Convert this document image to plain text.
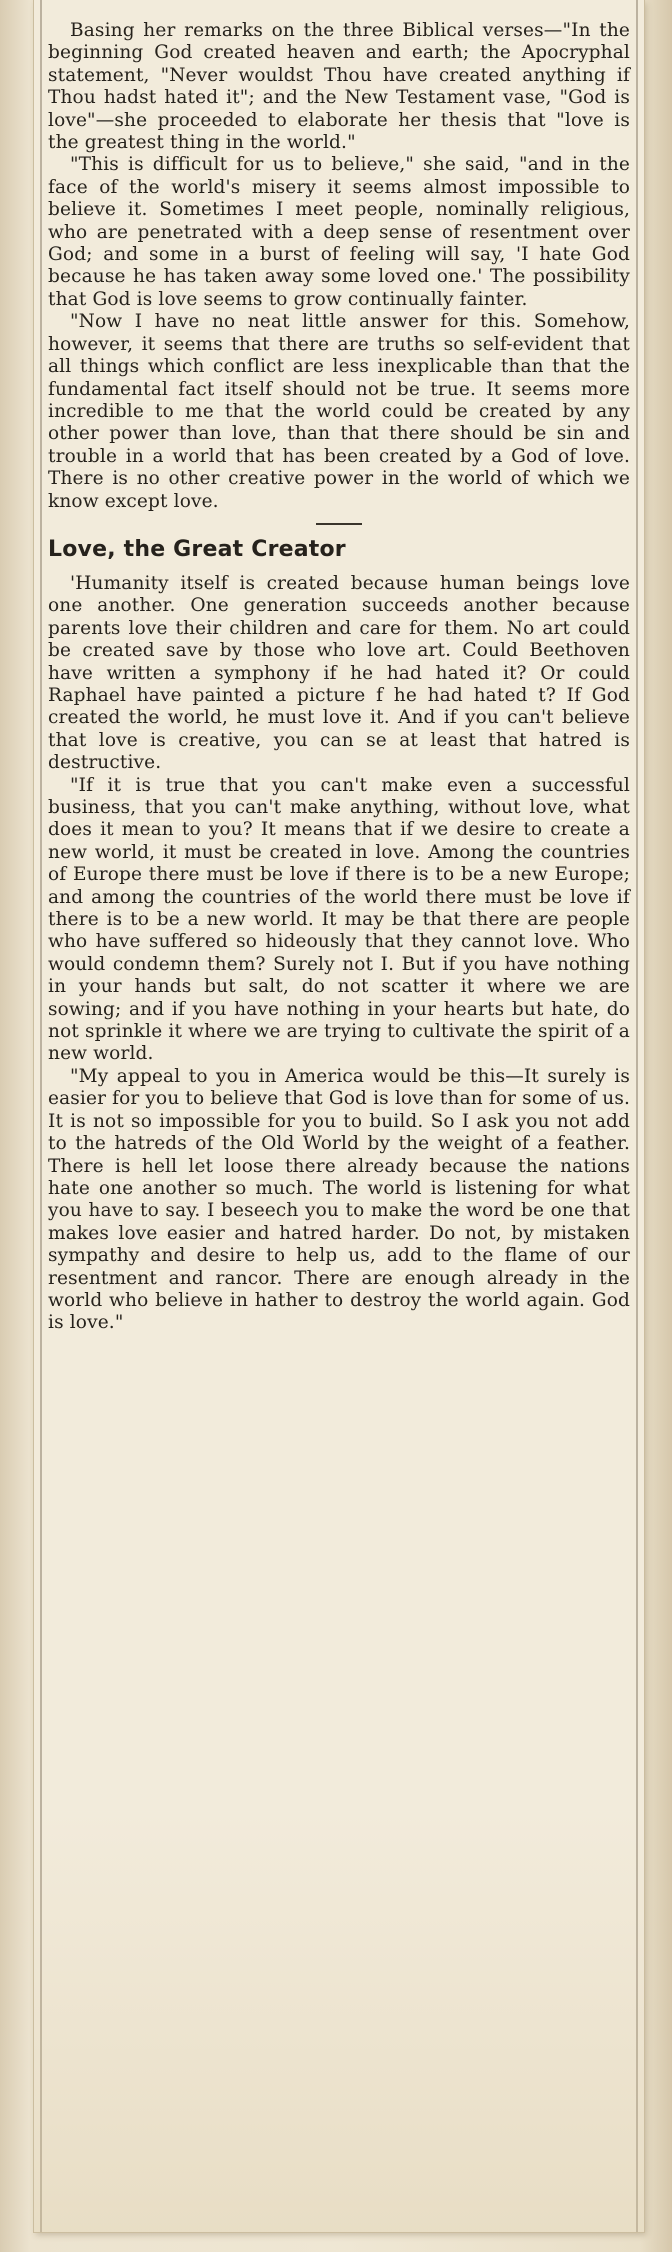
Basing her remarks on the three Biblical verses—"In the beginning God created heaven and earth; the Apocryphal statement, "Never wouldst Thou have created anything if Thou hadst hated it"; and the New Testament vase, "God is love"—she proceeded to elaborate her thesis that "love is the greatest thing in the world."

"This is difficult for us to believe," she said, "and in the face of the world's misery it seems almost impossible to believe it. Sometimes I meet people, nominally religious, who are penetrated with a deep sense of resentment over God; and some in a burst of feeling will say, 'I hate God because he has taken away some loved one.' The possibility that God is love seems to grow continually fainter.

"Now I have no neat little answer for this. Somehow, however, it seems that there are truths so self-evident that all things which conflict are less inexplicable than that the fundamental fact itself should not be true. It seems more incredible to me that the world could be created by any other power than love, than that there should be sin and trouble in a world that has been created by a God of love. There is no other creative power in the world of which we know except love.

Love, the Great Creator

'Humanity itself is created because human beings love one another. One generation succeeds another because parents love their children and care for them. No art could be created save by those who love art. Could Beethoven have written a symphony if he had hated it? Or could Raphael have painted a picture f he had hated t? If God created the world, he must love it. And if you can't believe that love is creative, you can se at least that hatred is destructive.

"If it is true that you can't make even a successful business, that you can't make anything, without love, what does it mean to you? It means that if we desire to create a new world, it must be created in love. Among the countries of Europe there must be love if there is to be a new Europe; and among the countries of the world there must be love if there is to be a new world. It may be that there are people who have suffered so hideously that they cannot love. Who would condemn them? Surely not I. But if you have nothing in your hands but salt, do not scatter it where we are sowing; and if you have nothing in your hearts but hate, do not sprinkle it where we are trying to cultivate the spirit of a new world.

"My appeal to you in America would be this—It surely is easier for you to believe that God is love than for some of us. It is not so impossible for you to build. So I ask you not add to the hatreds of the Old World by the weight of a feather. There is hell let loose there already because the nations hate one another so much. The world is listening for what you have to say. I beseech you to make the word be one that makes love easier and hatred harder. Do not, by mistaken sympathy and desire to help us, add to the flame of our resentment and rancor. There are enough already in the world who believe in hather to destroy the world again. God is love."
